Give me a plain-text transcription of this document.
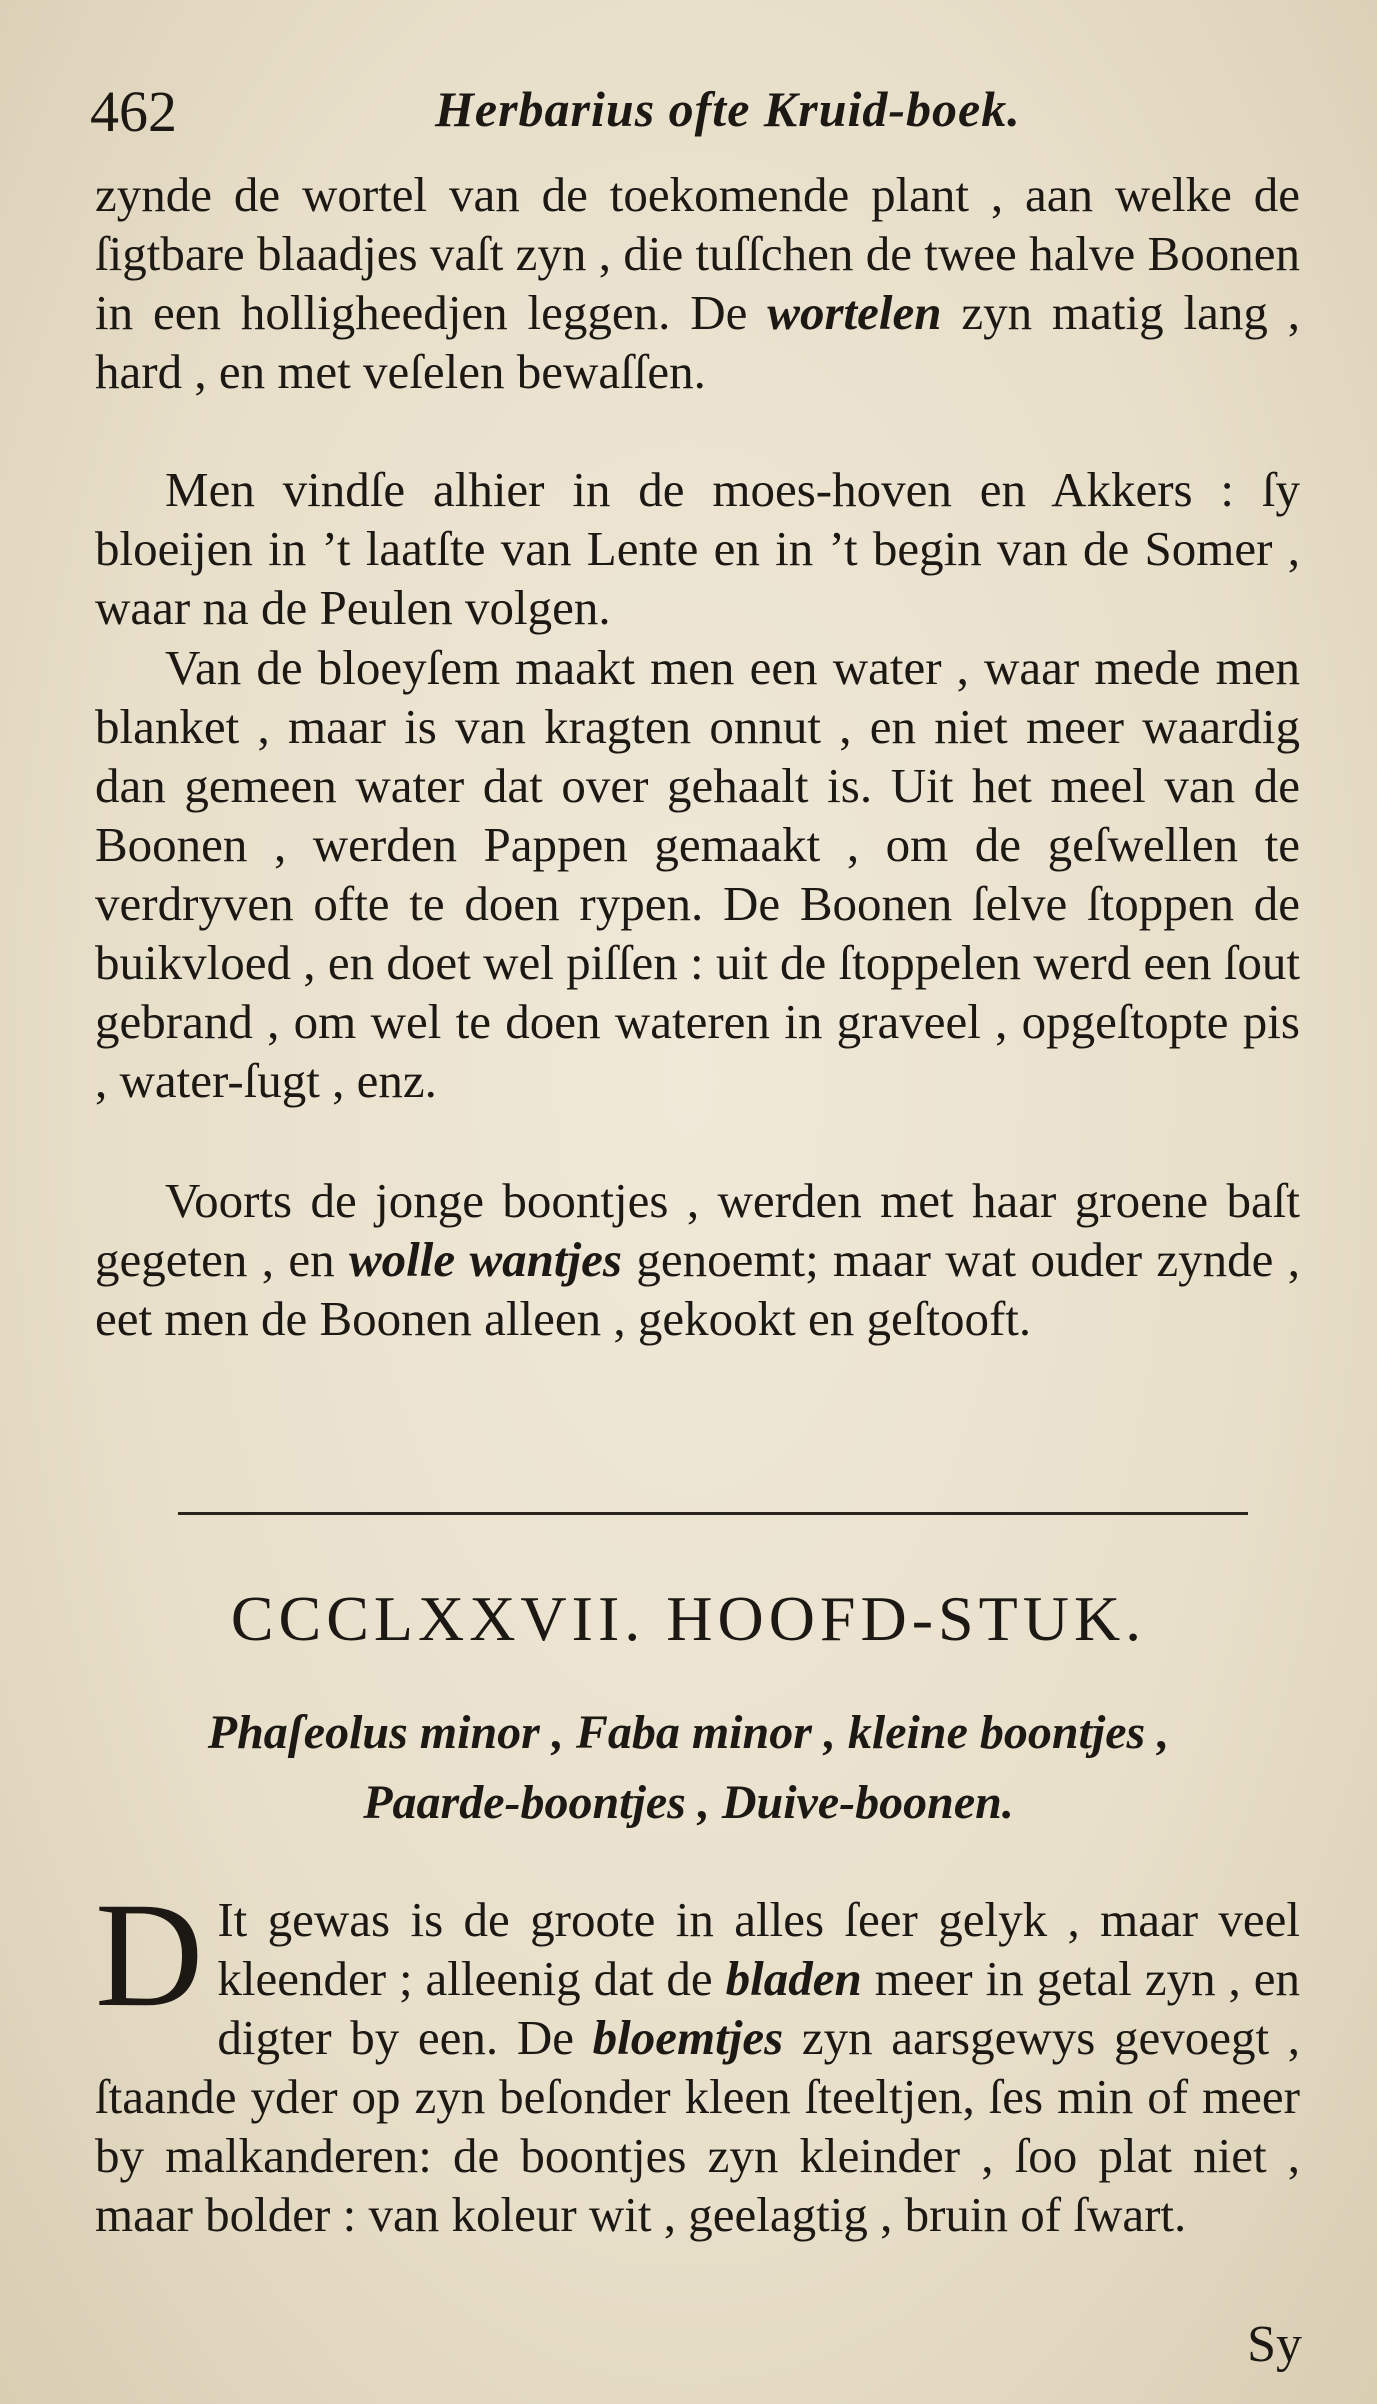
462	Herbarius ofte Kruid-boek.
zynde de wortel van de toekomende plant , aan welke de ſigtbare blaadjes vaſt zyn , die tuſſchen de twee halve Boonen in een holligheedjen leggen. De wortelen zyn matig lang , hard , en met veſelen bewaſſen.
Men vindſe alhier in de moes-hoven en Akkers : ſy bloeijen in ’t laatſte van Lente en in ’t begin van de Somer , waar na de Peulen volgen.
Van de bloeyſem maakt men een water , waar mede men blanket , maar is van kragten onnut , en niet meer waardig dan gemeen water dat over gehaalt is. Uit het meel van de Boonen , werden Pappen gemaakt , om de geſwellen te verdryven ofte te doen rypen. De Boonen ſelve ſtoppen de buikvloed , en doet wel piſſen : uit de ſtoppelen werd een ſout gebrand , om wel te doen wateren in graveel , opgeſtopte pis , water-ſugt , enz.
Voorts de jonge boontjes , werden met haar groene baſt gegeten , en wolle wantjes genoemt; maar wat ouder zynde , eet men de Boonen alleen , gekookt en geſtooft.
CCCLXXVII. HOOFD-STUK.
Phaſeolus minor , Faba minor , kleine boontjes ,
Paarde-boontjes , Duive-boonen.
D It gewas is de groote in alles ſeer gelyk , maar veel kleender ; alleenig dat de bladen meer in getal zyn , en digter by een. De bloemtjes zyn aarsgewys gevoegt , ſtaande yder op zyn beſonder kleen ſteeltjen, ſes min of meer by malkanderen: de boontjes zyn kleinder , ſoo plat niet , maar bolder : van koleur wit , geelagtig , bruin of ſwart.
Sy
